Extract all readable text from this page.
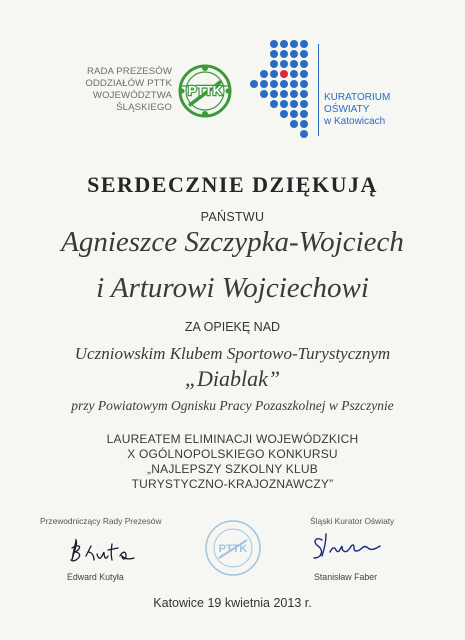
RADA PREZESÓW
ODDZIAŁÓW PTTK
WOJEWÓDZTWA
ŚLĄSKIEGO
PTTK	KURATORIUM
OŚWIATY
w Katowicach
SERDECZNIE DZIĘKUJĄ
PAŃSTWU
Agnieszce Szczypka-Wojciech
i Arturowi Wojciechowi
ZA OPIEKĘ NAD
Uczniowskim Klubem Sportowo-Turystycznym
„Diablak”
przy Powiatowym Ognisku Pracy Pozaszkolnej w Pszczynie
LAUREATEM ELIMINACJI WOJEWÓDZKICH
X OGÓLNOPOLSKIEGO KONKURSU
„NAJLEPSZY SZKOLNY KLUB
TURYSTYCZNO-KRAJOZNAWCZY”
Przewodniczący Rady Prezesów
Edward Kutyła
PTTK
Śląski Kurator Oświaty
Stanisław Faber
Katowice 19 kwietnia 2013 r.
